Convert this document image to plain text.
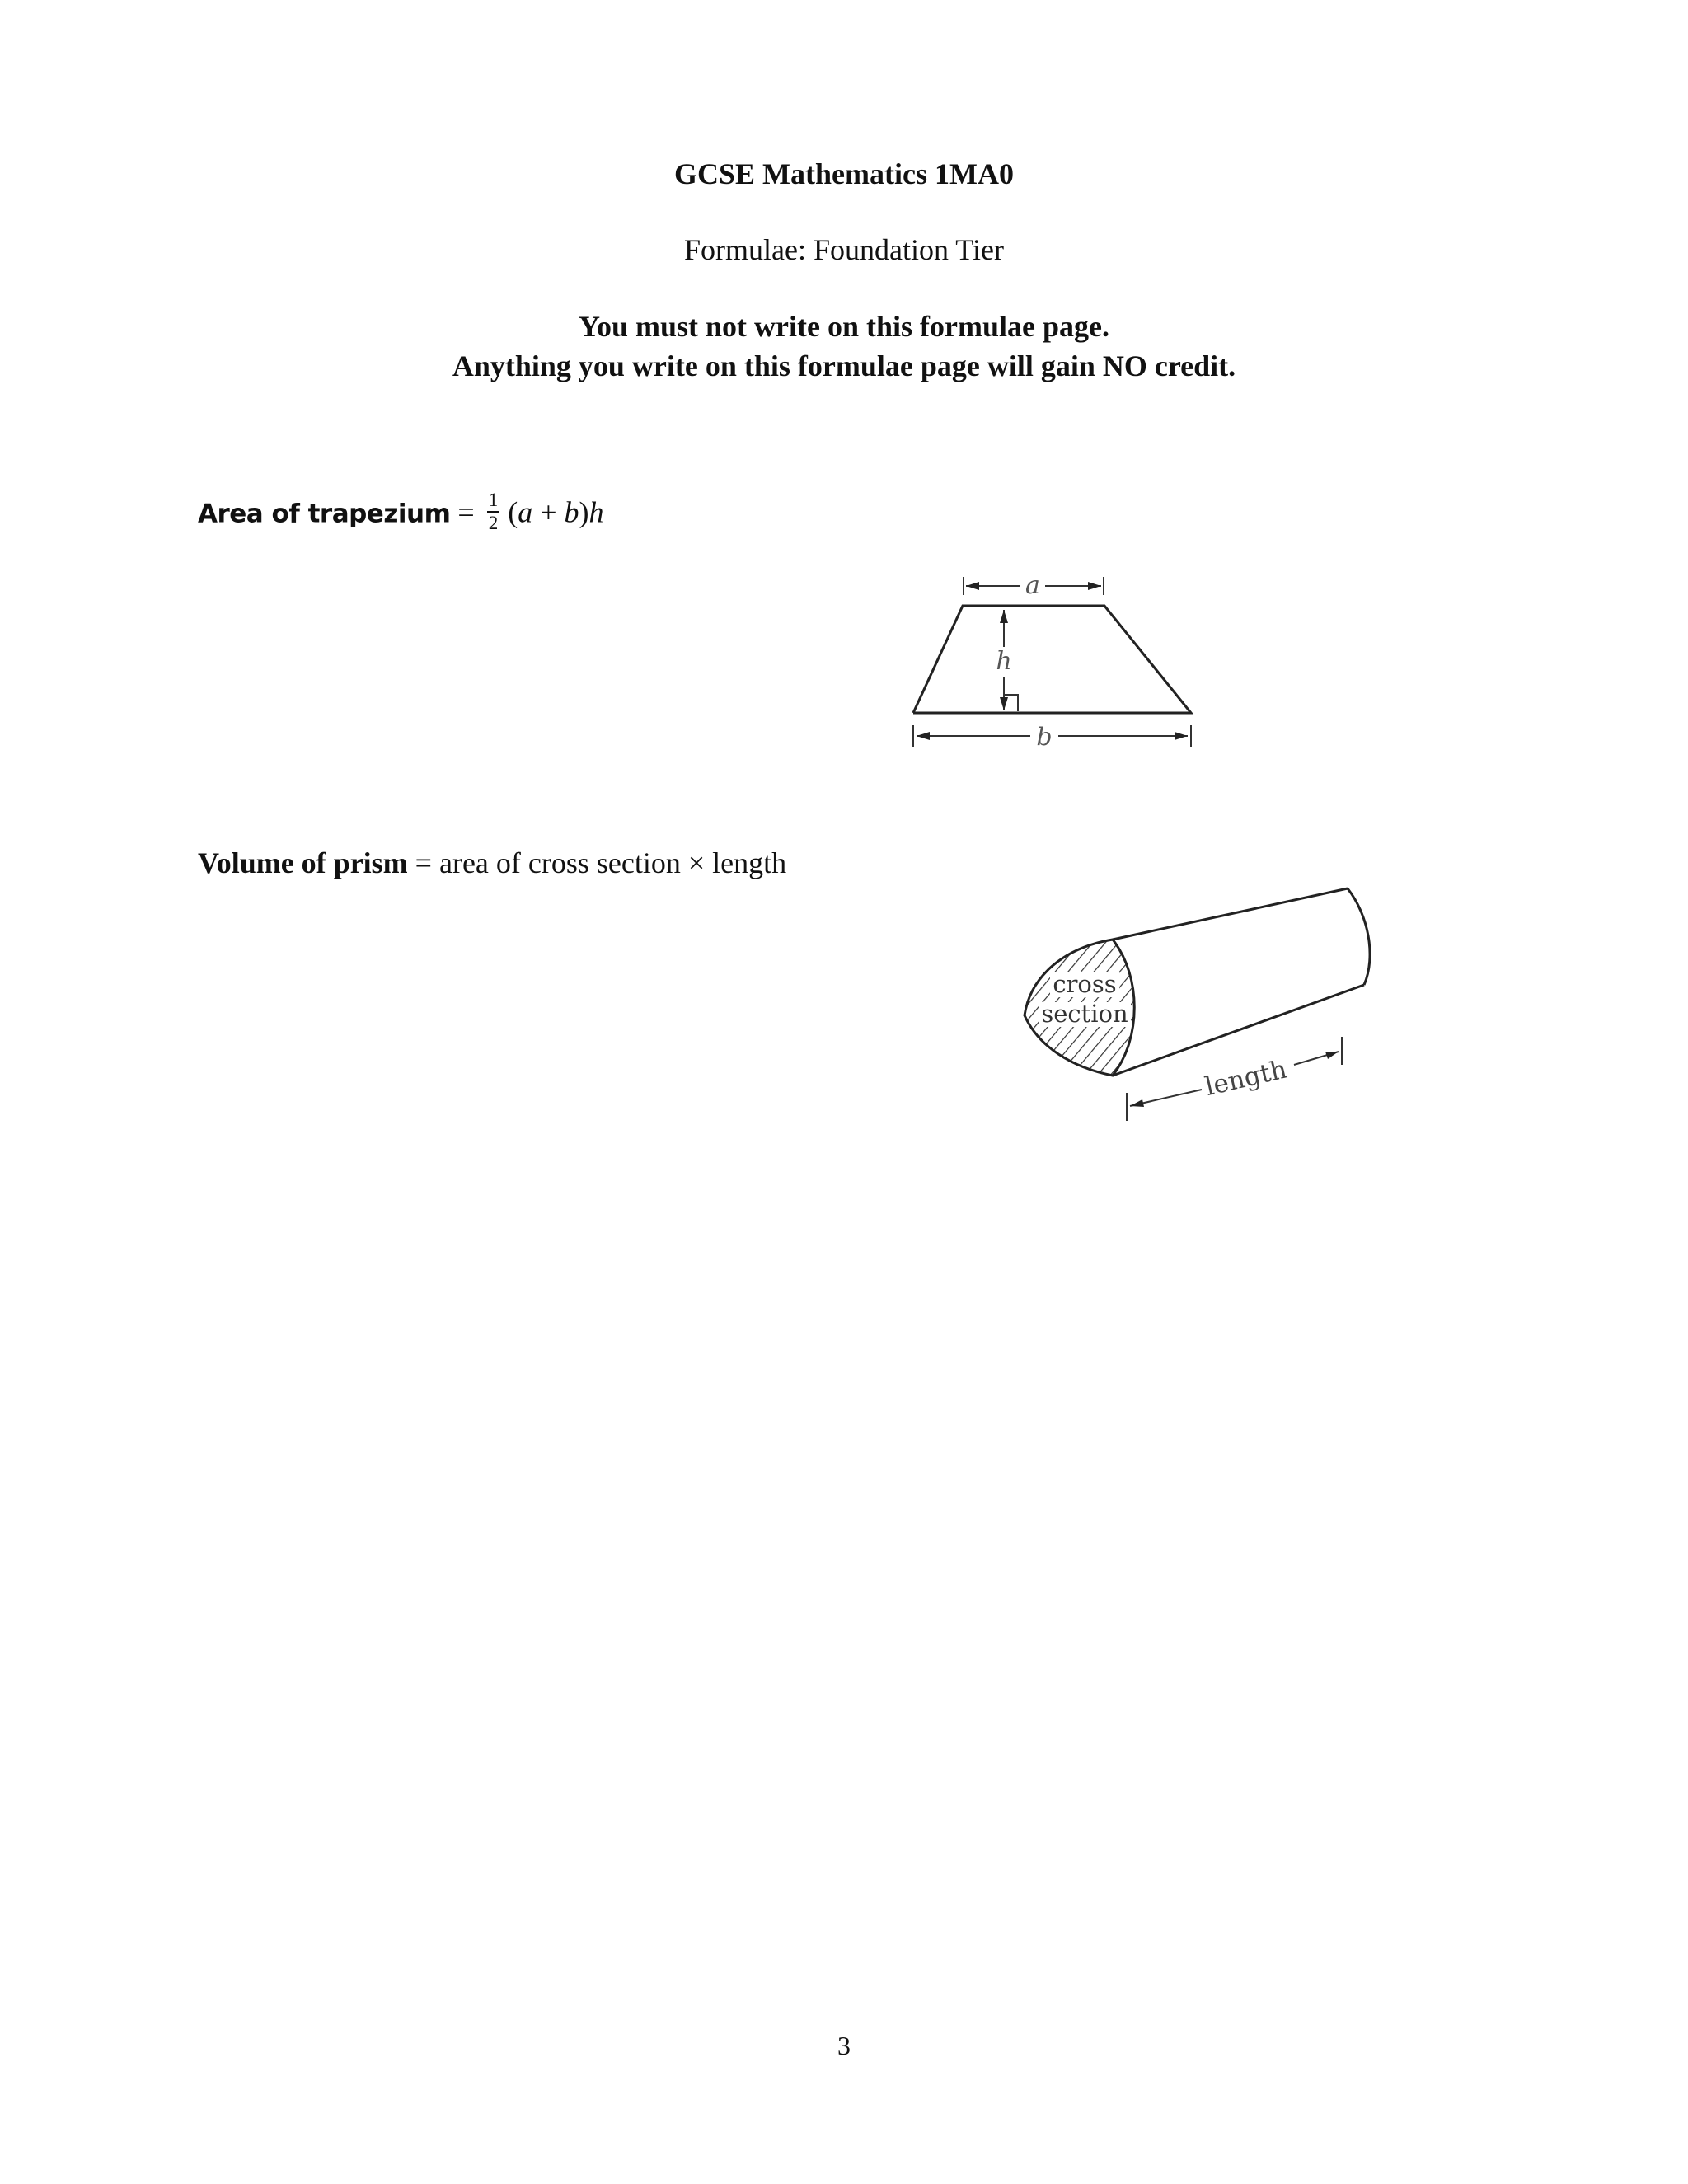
GCSE Mathematics 1MA0
Formulae: Foundation Tier
You must not write on this formulae page.
Anything you write on this formulae page will gain NO credit.
Area of trapezium = $\frac{1}{2} (a + b)h$
a
h
b
Volume of prism = area of cross section × length
cross
section
length
3
